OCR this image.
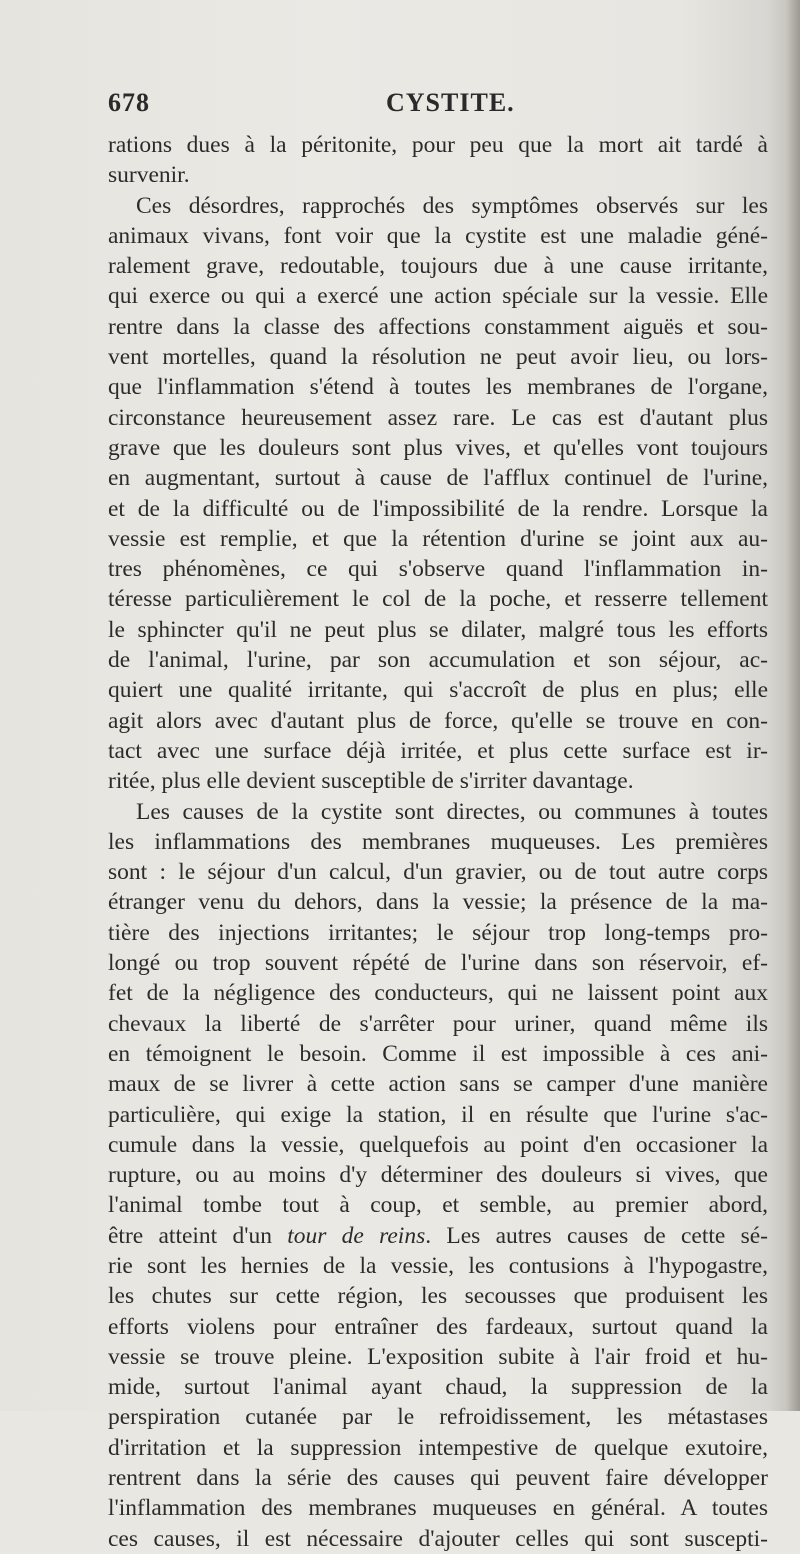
678	CYSTITE.
rations dues à la péritonite, pour peu que la mort ait tardé à
survenir.
Ces désordres, rapprochés des symptômes observés sur les
animaux vivans, font voir que la cystite est une maladie géné-
ralement grave, redoutable, toujours due à une cause irritante,
qui exerce ou qui a exercé une action spéciale sur la vessie. Elle
rentre dans la classe des affections constamment aiguës et sou-
vent mortelles, quand la résolution ne peut avoir lieu, ou lors-
que l'inflammation s'étend à toutes les membranes de l'organe,
circonstance heureusement assez rare. Le cas est d'autant plus
grave que les douleurs sont plus vives, et qu'elles vont toujours
en augmentant, surtout à cause de l'afflux continuel de l'urine,
et de la difficulté ou de l'impossibilité de la rendre. Lorsque la
vessie est remplie, et que la rétention d'urine se joint aux au-
tres phénomènes, ce qui s'observe quand l'inflammation in-
téresse particulièrement le col de la poche, et resserre tellement
le sphincter qu'il ne peut plus se dilater, malgré tous les efforts
de l'animal, l'urine, par son accumulation et son séjour, ac-
quiert une qualité irritante, qui s'accroît de plus en plus; elle
agit alors avec d'autant plus de force, qu'elle se trouve en con-
tact avec une surface déjà irritée, et plus cette surface est ir-
ritée, plus elle devient susceptible de s'irriter davantage.
Les causes de la cystite sont directes, ou communes à toutes
les inflammations des membranes muqueuses. Les premières
sont : le séjour d'un calcul, d'un gravier, ou de tout autre corps
étranger venu du dehors, dans la vessie; la présence de la ma-
tière des injections irritantes; le séjour trop long-temps pro-
longé ou trop souvent répété de l'urine dans son réservoir, ef-
fet de la négligence des conducteurs, qui ne laissent point aux
chevaux la liberté de s'arrêter pour uriner, quand même ils
en témoignent le besoin. Comme il est impossible à ces ani-
maux de se livrer à cette action sans se camper d'une manière
particulière, qui exige la station, il en résulte que l'urine s'ac-
cumule dans la vessie, quelquefois au point d'en occasioner la
rupture, ou au moins d'y déterminer des douleurs si vives, que
l'animal tombe tout à coup, et semble, au premier abord,
être atteint d'un tour de reins. Les autres causes de cette sé-
rie sont les hernies de la vessie, les contusions à l'hypogastre,
les chutes sur cette région, les secousses que produisent les
efforts violens pour entraîner des fardeaux, surtout quand la
vessie se trouve pleine. L'exposition subite à l'air froid et hu-
mide, surtout l'animal ayant chaud, la suppression de la
perspiration cutanée par le refroidissement, les métastases
d'irritation et la suppression intempestive de quelque exutoire,
rentrent dans la série des causes qui peuvent faire développer
l'inflammation des membranes muqueuses en général. A toutes
ces causes, il est nécessaire d'ajouter celles qui sont suscepti-
